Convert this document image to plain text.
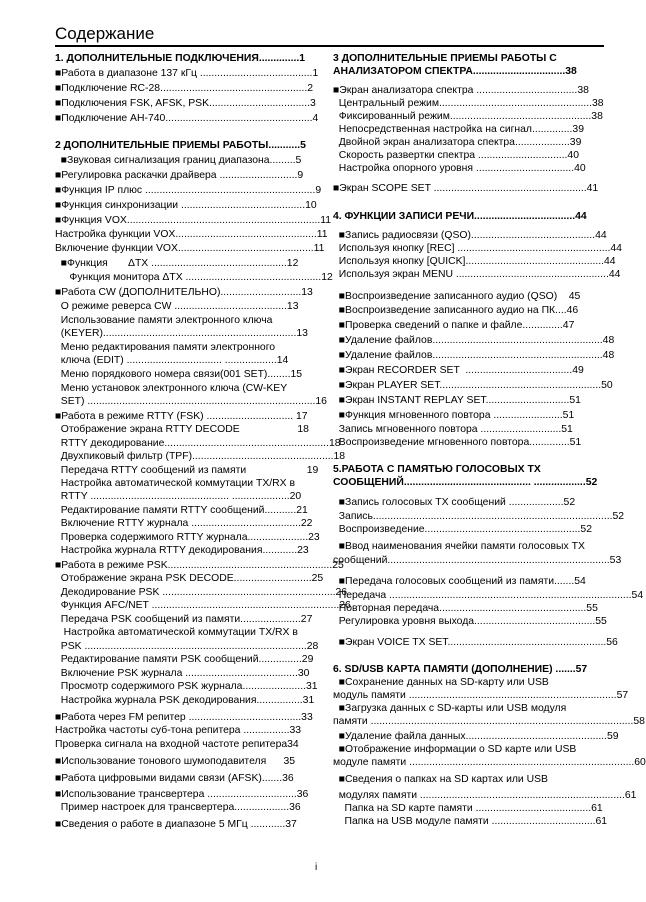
Содержание
1. ДОПОЛНИТЕЛЬНЫЕ ПОДКЛЮЧЕНИЯ..............1
■Работа в диапазоне 137 кГц .......................................1
■Подключение RC-28...................................................2
■Подключения FSK, AFSK, PSK...................................3
■Подключение AH-740...................................................4
2 ДОПОЛНИТЕЛЬНЫЕ ПРИЕМЫ РАБОТЫ...........5
■Звуковая сигнализация границ диапазона.........5
■Регулировка раскачки драйвера ...........................9
■Функция IP плюс ...........................................................9
■Функция синхронизации ...........................................10
■Функция VOX...................................................................11
Настройка функции VOX.................................................11
Включение функции VOX...............................................11
■Функция       ΔTX ...............................................12
Функция монитора ΔTX ...............................................12
■Работа CW (ДОПОЛНИТЕЛЬНО)............................13
О режиме реверса CW .......................................13
Использование памяти электронного ключа
(KEYER)...................................................................13
Меню редактирования памяти электронного
ключа (EDIT) ................................. ..................14
Меню порядкового номера связи(001 SET)........15
Меню установок электронного ключа (CW-KEY
SET) ...............................................................................16
■Работа в режиме RTTY (FSK) .............................. 17
Отображение экрана RTTY DECODE                    18
RTTY декодирование.........................................................18
Двухпиковый фильтр (TPF).................................................18
Передача RTTY сообщений из памяти                     19
Настройка автоматической коммутации TX/RX в
RTTY ................................................ ....................20
Редактирование памяти RTTY сообщений...........21
Включение RTTY журнала ......................................22
Проверка содержимого RTTY журнала.....................23
Настройка журнала RTTY декодирования............23
■Работа в режиме PSK.........................................................25
Отображение экрана PSK DECODE...........................25
Декодирование PSK ............................................................26
Функция AFC/NET .................................................................26
Передача PSK сообщений из памяти.....................27
Настройка автоматической коммутации TX/RX в
PSK .............................................................................28
Редактирование памяти PSK сообщений...............29
Включение PSK журнала .......................................30
Просмотр содержимого PSK журнала......................31
Настройка журнала PSK декодирования................31
■Работа через FM репитер .......................................33
Настройка частоты суб-тона репитера ................33
Проверка сигнала на входной частоте репитера34
■Использование тонового шумоподавителя      35
■Работа цифровыми видами связи (AFSK).......36
■Использование трансвертера ...............................36
Пример настроек для трансвертера...................36
■Сведения о работе в диапазоне 5 МГц ............37
3 ДОПОЛНИТЕЛЬНЫЕ ПРИЕМЫ РАБОТЫ С
АНАЛИЗАТОРОМ СПЕКТРА................................38
■Экран анализатора спектра ...................................38
Центральный режим.....................................................38
Фиксированный режим.................................................38
Непосредственная настройка на сигнал..............39
Двойной экран анализатора спектра...................39
Скорость развертки спектра ...............................40
Настройка опорного уровня ..................................40
■Экран SCOPE SET .....................................................41
4. ФУНКЦИИ ЗАПИСИ РЕЧИ...................................44
■Запись радиосвязи (QSO)...........................................44
Используя кнопку [REC] .....................................................44
Используя кнопку [QUICK]................................................44
Используя экран MENU .....................................................44
■Воспроизведение записанного аудио (QSO)    45
■Воспроизведение записанного аудио на ПК....46
■Проверка сведений о папке и файле..............47
■Удаление файлов...........................................................48
■Удаление файлов...........................................................48
■Экран RECORDER SET  .....................................49
■Экран PLAYER SET........................................................50
■Экран INSTANT REPLAY SET.............................51
■Функция мгновенного повтора ........................51
Запись мгновенного повтора ............................51
Воспроизведение мгновенного повтора..............51
5.РАБОТА С ПАМЯТЬЮ ГОЛОСОВЫХ TX
СООБЩЕНИЙ............................................ ..................52
■Запись голосовых TX сообщений ...................52
Запись...................................................................................52
Воспроизведение......................................................52
■Ввод наименования ячейки памяти голосовых TX
сообщений.............................................................................53
■Передача голосовых сообщений из памяти.......54
Передача ....................................................................................54
Повторная передача...................................................55
Регулировка уровня выхода..........................................55
■Экран VOICE TX SET.......................................................56
6. SD/USB КАРТА ПАМЯТИ (ДОПОЛНЕНИЕ) .......57
■Сохранение данных на SD-карту или USB
модуль памяти ........................................................................57
■Загрузка данных с SD-карты или USB модуля
памяти ...........................................................................................58
■Удаление файла данных.................................................59
■Отображение информации о SD карте или USB
модуле памяти ..............................................................................60
■Сведения о папках на SD картах или USB
модулях памяти .......................................................................61
Папка на SD карте памяти ........................................61
Папка на USB модуле памяти ....................................61
i
